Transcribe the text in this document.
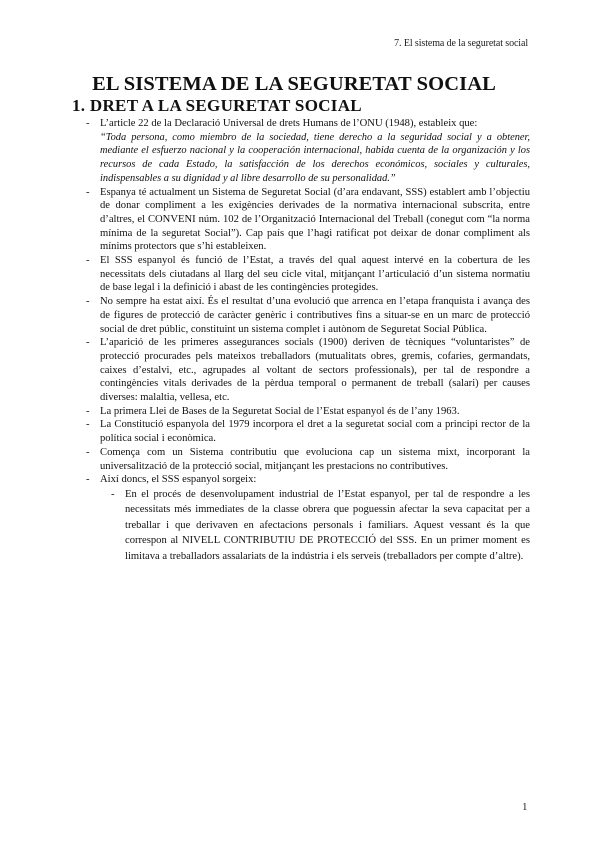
7. El sistema de la seguretat social
EL SISTEMA DE LA SEGURETAT SOCIAL
1. DRET A LA SEGURETAT SOCIAL
- L’article 22 de la Declaració Universal de drets Humans de l’ONU (1948), estableix que:

“Toda persona, como miembro de la sociedad, tiene derecho a la seguridad social y a obtener, mediante el esfuerzo nacional y la cooperación internacional, habida cuenta de la organización y los recursos de cada Estado, la satisfacción de los derechos económicos, sociales y culturales, indispensables a su dignidad y al libre desarrollo de su personalidad.”

- Espanya té actualment un Sistema de Seguretat Social (d’ara endavant, SSS) establert amb l’objectiu de donar compliment a les exigències derivades de la normativa internacional subscrita, entre d’altres, el CONVENI núm. 102 de l’Organització Internacional del Treball (conegut com “la norma mínima de la seguretat Social”). Cap país que l’hagi ratificat pot deixar de donar compliment als mínims protectors que s’hi estableixen.
- El SSS espanyol és funció de l’Estat, a través del qual aquest intervé en la cobertura de les necessitats dels ciutadans al llarg del seu cicle vital, mitjançant l’articulació d’un sistema normatiu de base legal i la definició i abast de les contingències protegides.
- No sempre ha estat així. És el resultat d’una evolució que arrenca en l’etapa franquista i avança des de figures de protecció de caràcter genèric i contributives fins a situar-se en un marc de protecció social de dret públic, constituint un sistema complet i autònom de Seguretat Social Pública.
- L’aparició de les primeres assegurances socials (1900) deriven de tècniques “voluntaristes” de protecció procurades pels mateixos treballadors (mutualitats obres, gremis, cofaries, germandats, caixes d’estalvi, etc., agrupades al voltant de sectors professionals), per tal de respondre a contingències vitals derivades de la pèrdua temporal o permanent de treball (salari) per causes diverses: malaltia, vellesa, etc.
- La primera Llei de Bases de la Seguretat Social de l’Estat espanyol és de l’any 1963.
- La Constitució espanyola del 1979 incorpora el dret a la seguretat social com a principi rector de la política social i econòmica.
- Comença com un Sistema contributiu que evoluciona cap un sistema mixt, incorporant la universalització de la protecció social, mitjançant les prestacions no contributives.
- Així doncs, el SSS espanyol sorgeix:
- En el procés de desenvolupament industrial de l’Estat espanyol, per tal de respondre a les necessitats més immediates de la classe obrera que poguessin afectar la seva capacitat per a treballar i que derivaven en afectacions personals i familiars. Aquest vessant és la que correspon al NIVELL CONTRIBUTIU DE PROTECCIÓ del SSS. En un primer moment es limitava a treballadors assalariats de la indústria i els serveis (treballadors per compte d’altre).
1
